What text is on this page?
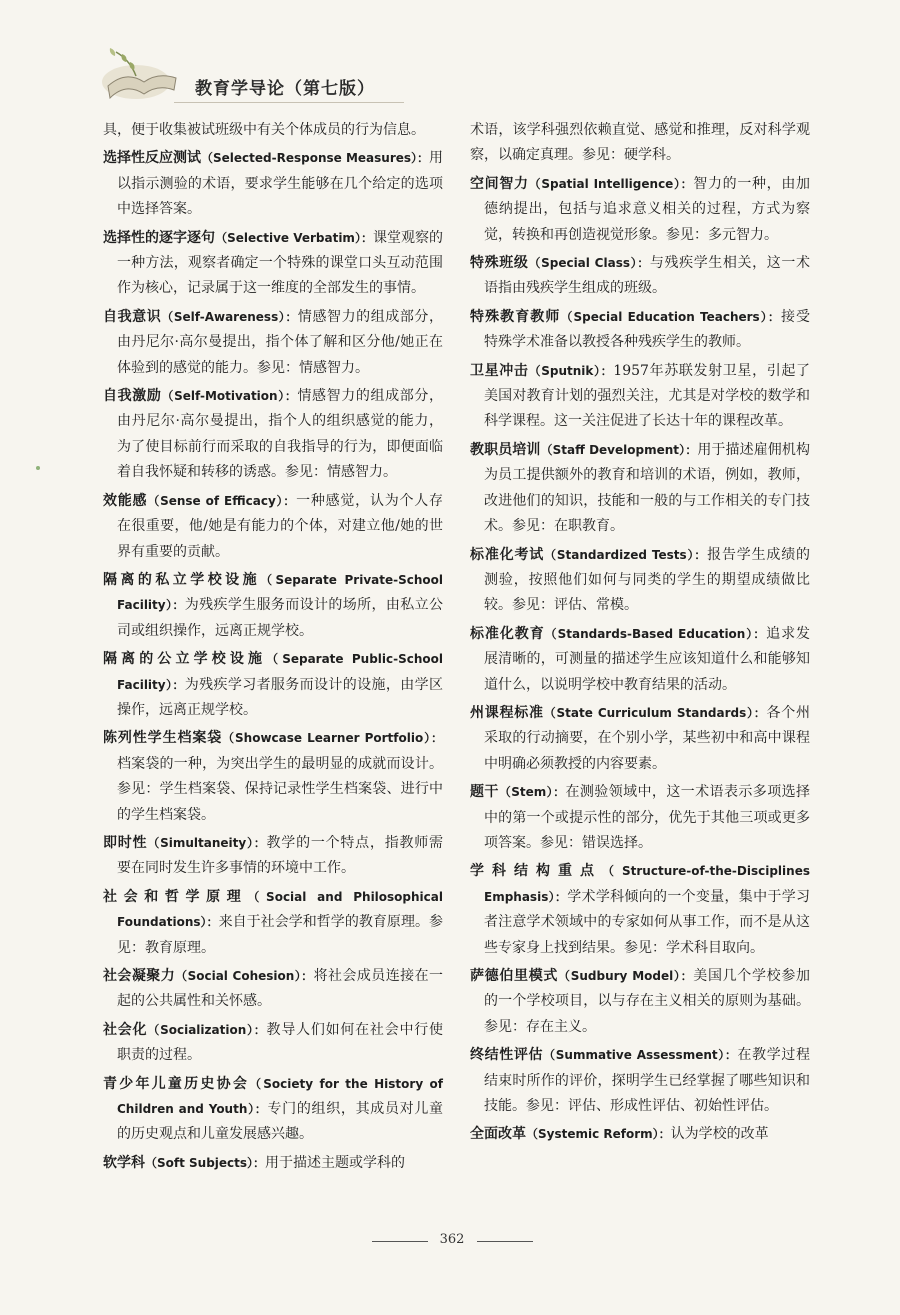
教育学导论（第七版）
具，便于收集被试班级中有关个体成员的行为信息。
选择性反应测试（Selected-Response Measures）：用以指示测验的术语，要求学生能够在几个给定的选项中选择答案。
选择性的逐字逐句（Selective Verbatim）：课堂观察的一种方法，观察者确定一个特殊的课堂口头互动范围作为核心，记录属于这一维度的全部发生的事情。
自我意识（Self-Awareness）：情感智力的组成部分，由丹尼尔·高尔曼提出，指个体了解和区分他/她正在体验到的感觉的能力。参见：情感智力。
自我激励（Self-Motivation）：情感智力的组成部分，由丹尼尔·高尔曼提出，指个人的组织感觉的能力，为了使目标前行而采取的自我指导的行为，即便面临着自我怀疑和转移的诱惑。参见：情感智力。
效能感（Sense of Efficacy）：一种感觉，认为个人存在很重要，他/她是有能力的个体，对建立他/她的世界有重要的贡献。
隔离的私立学校设施（Separate Private-School Facility）：为残疾学生服务而设计的场所，由私立公司或组织操作，远离正规学校。
隔离的公立学校设施（Separate Public-School Facility）：为残疾学习者服务而设计的设施，由学区操作，远离正规学校。
陈列性学生档案袋（Showcase Learner Portfolio）：档案袋的一种，为突出学生的最明显的成就而设计。参见：学生档案袋、保持记录性学生档案袋、进行中的学生档案袋。
即时性（Simultaneity）：教学的一个特点，指教师需要在同时发生许多事情的环境中工作。
社会和哲学原理（Social and Philosophical Foundations）：来自于社会学和哲学的教育原理。参见：教育原理。
社会凝聚力（Social Cohesion）：将社会成员连接在一起的公共属性和关怀感。
社会化（Socialization）：教导人们如何在社会中行使职责的过程。
青少年儿童历史协会（Society for the History of Children and Youth）：专门的组织，其成员对儿童的历史观点和儿童发展感兴趣。
软学科（Soft Subjects）：用于描述主题或学科的
术语，该学科强烈依赖直觉、感觉和推理，反对科学观察，以确定真理。参见：硬学科。
空间智力（Spatial Intelligence）：智力的一种，由加德纳提出，包括与追求意义相关的过程，方式为察觉，转换和再创造视觉形象。参见：多元智力。
特殊班级（Special Class）：与残疾学生相关，这一术语指由残疾学生组成的班级。
特殊教育教师（Special Education Teachers）：接受特殊学术准备以教授各种残疾学生的教师。
卫星冲击（Sputnik）：1957年苏联发射卫星，引起了美国对教育计划的强烈关注，尤其是对学校的数学和科学课程。这一关注促进了长达十年的课程改革。
教职员培训（Staff Development）：用于描述雇佣机构为员工提供额外的教育和培训的术语，例如，教师，改进他们的知识，技能和一般的与工作相关的专门技术。参见：在职教育。
标准化考试（Standardized Tests）：报告学生成绩的测验，按照他们如何与同类的学生的期望成绩做比较。参见：评估、常模。
标准化教育（Standards-Based Education）：追求发展清晰的，可测量的描述学生应该知道什么和能够知道什么，以说明学校中教育结果的活动。
州课程标准（State Curriculum Standards）：各个州采取的行动摘要，在个别小学，某些初中和高中课程中明确必须教授的内容要素。
题干（Stem）：在测验领域中，这一术语表示多项选择中的第一个或提示性的部分，优先于其他三项或更多项答案。参见：错误选择。
学科结构重点（Structure-of-the-Disciplines Emphasis）：学术学科倾向的一个变量，集中于学习者注意学术领域中的专家如何从事工作，而不是从这些专家身上找到结果。参见：学术科目取向。
萨德伯里模式（Sudbury Model）：美国几个学校参加的一个学校项目，以与存在主义相关的原则为基础。参见：存在主义。
终结性评估（Summative Assessment）：在教学过程结束时所作的评价，探明学生已经掌握了哪些知识和技能。参见：评估、形成性评估、初始性评估。
全面改革（Systemic Reform）：认为学校的改革
362
